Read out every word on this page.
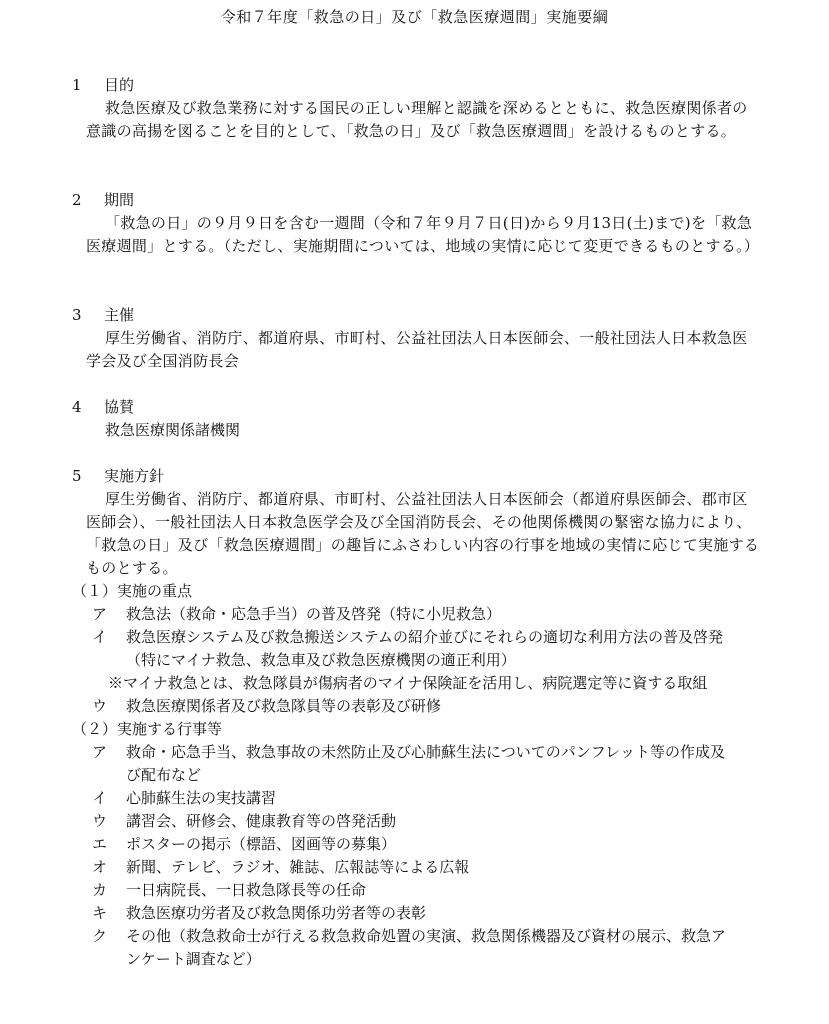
令和７年度「救急の日」及び「救急医療週間」実施要綱
1 目的
救急医療及び救急業務に対する国民の正しい理解と認識を深めるとともに、救急医療関係者の意識の高揚を図ることを目的として、「救急の日」及び「救急医療週間」を設けるものとする。
2 期間
「救急の日」の９月９日を含む一週間（令和７年９月７日(日)から９月13日(土)まで)を「救急医療週間」とする。（ただし、実施期間については、地域の実情に応じて変更できるものとする。）
3 主催
厚生労働省、消防庁、都道府県、市町村、公益社団法人日本医師会、一般社団法人日本救急医学会及び全国消防長会
4 協賛
救急医療関係諸機関
5 実施方針
厚生労働省、消防庁、都道府県、市町村、公益社団法人日本医師会（都道府県医師会、郡市区医師会）、一般社団法人日本救急医学会及び全国消防長会、その他関係機関の緊密な協力により、「救急の日」及び「救急医療週間」の趣旨にふさわしい内容の行事を地域の実情に応じて実施するものとする。
（１）実施の重点
ア	救急法（救命・応急手当）の普及啓発（特に小児救急）
イ	救急医療システム及び救急搬送システムの紹介並びにそれらの適切な利用方法の普及啓発（特にマイナ救急、救急車及び救急医療機関の適正利用）
※マイナ救急とは、救急隊員が傷病者のマイナ保険証を活用し、病院選定等に資する取組
ウ	救急医療関係者及び救急隊員等の表彰及び研修
（２）実施する行事等
ア	救命・応急手当、救急事故の未然防止及び心肺蘇生法についてのパンフレット等の作成及び配布など
イ	心肺蘇生法の実技講習
ウ	講習会、研修会、健康教育等の啓発活動
エ	ポスターの掲示（標語、図画等の募集）
オ	新聞、テレビ、ラジオ、雑誌、広報誌等による広報
カ	一日病院長、一日救急隊長等の任命
キ	救急医療功労者及び救急関係功労者等の表彰
ク	その他（救急救命士が行える救急救命処置の実演、救急関係機器及び資材の展示、救急アンケート調査など）
